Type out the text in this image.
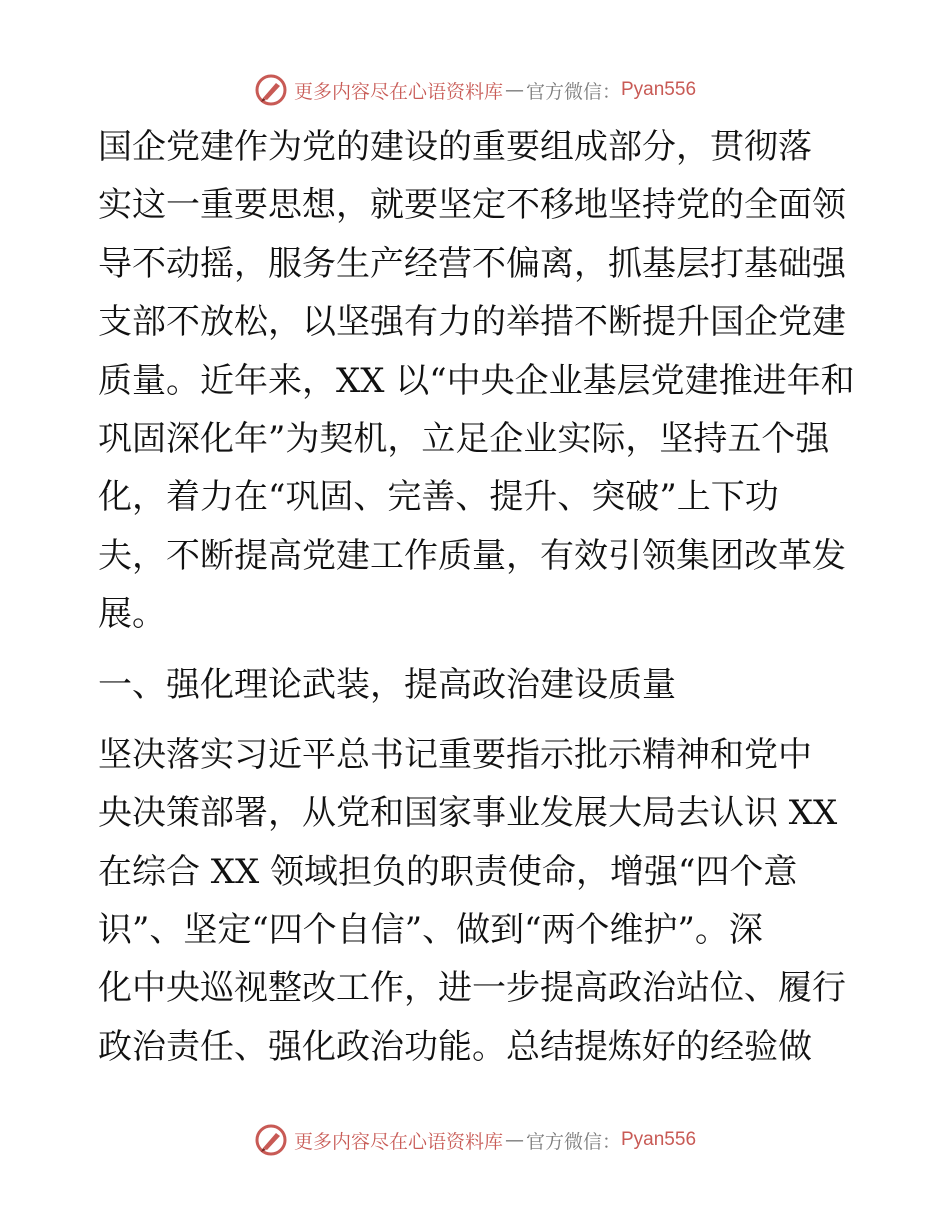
更多内容尽在心语资料库 — 官方微信： Pyan556
国企党建作为党的建设的重要组成部分，贯彻落
实这一重要思想，就要坚定不移地坚持党的全面领
导不动摇，服务生产经营不偏离，抓基层打基础强
支部不放松，以坚强有力的举措不断提升国企党建
质量。近年来，XX 以“中央企业基层党建推进年和
巩固深化年”为契机，立足企业实际，坚持五个强
化，着力在“巩固、完善、提升、突破”上下功
夫，不断提高党建工作质量，有效引领集团改革发
展。
一、强化理论武装，提高政治建设质量
坚决落实习近平总书记重要指示批示精神和党中
央决策部署，从党和国家事业发展大局去认识 XX
在综合 XX 领域担负的职责使命，增强“四个意
识”、坚定“四个自信”、做到“两个维护”。深
化中央巡视整改工作，进一步提高政治站位、履行
政治责任、强化政治功能。总结提炼好的经验做
更多内容尽在心语资料库 — 官方微信： Pyan556
